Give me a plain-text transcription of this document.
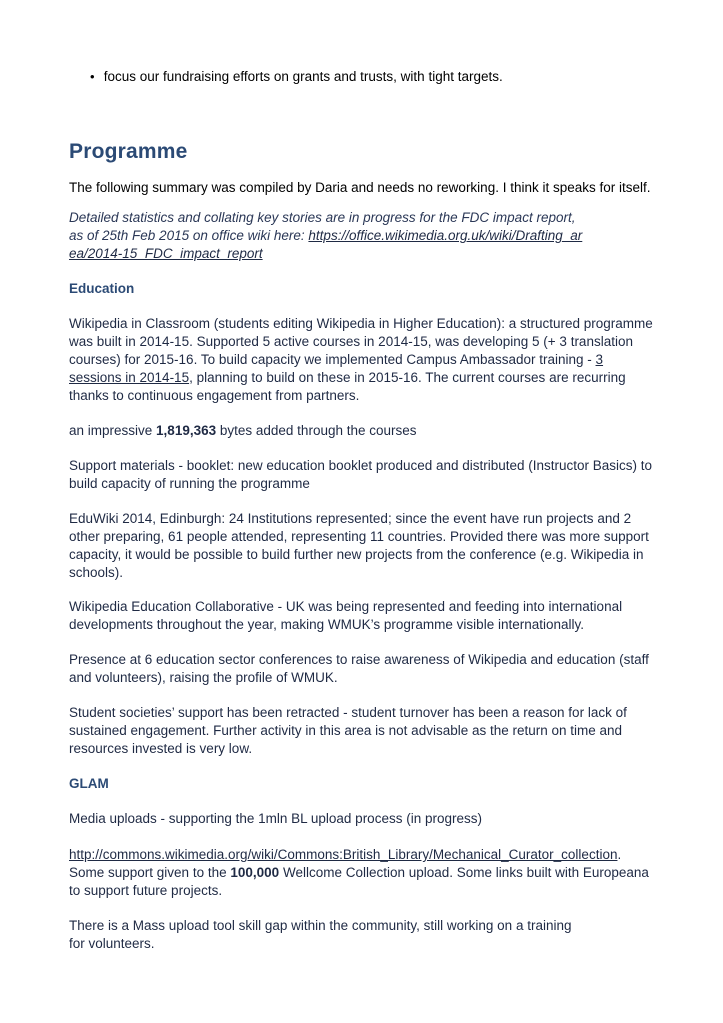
• focus our fundraising efforts on grants and trusts, with tight targets.
Programme

The following summary was compiled by Daria and needs no reworking. I think it speaks for itself.

Detailed statistics and collating key stories are in progress for the FDC impact report, as of 25th Feb 2015 on office wiki here: https://office.wikimedia.org.uk/wiki/Drafting_area/2014-15_FDC_impact_report

Education

Wikipedia in Classroom (students editing Wikipedia in Higher Education): a structured programme was built in 2014-15. Supported 5 active courses in 2014-15, was developing 5 (+ 3 translation courses) for 2015-16. To build capacity we implemented Campus Ambassador training - 3 sessions in 2014-15, planning to build on these in 2015-16. The current courses are recurring thanks to continuous engagement from partners.

an impressive 1,819,363 bytes added through the courses

Support materials - booklet: new education booklet produced and distributed (Instructor Basics) to build capacity of running the programme

EduWiki 2014, Edinburgh: 24 Institutions represented; since the event have run projects and 2 other preparing, 61 people attended, representing 11 countries. Provided there was more support capacity, it would be possible to build further new projects from the conference (e.g. Wikipedia in schools).

Wikipedia Education Collaborative - UK was being represented and feeding into international developments throughout the year, making WMUK’s programme visible internationally.

Presence at 6 education sector conferences to raise awareness of Wikipedia and education (staff and volunteers), raising the profile of WMUK.

Student societies’ support has been retracted - student turnover has been a reason for lack of sustained engagement. Further activity in this area is not advisable as the return on time and resources invested is very low.

GLAM

Media uploads - supporting the 1mln BL upload process (in progress)

http://commons.wikimedia.org/wiki/Commons:British_Library/Mechanical_Curator_collection. Some support given to the 100,000 Wellcome Collection upload. Some links built with Europeana to support future projects.

There is a Mass upload tool skill gap within the community, still working on a training for volunteers.
